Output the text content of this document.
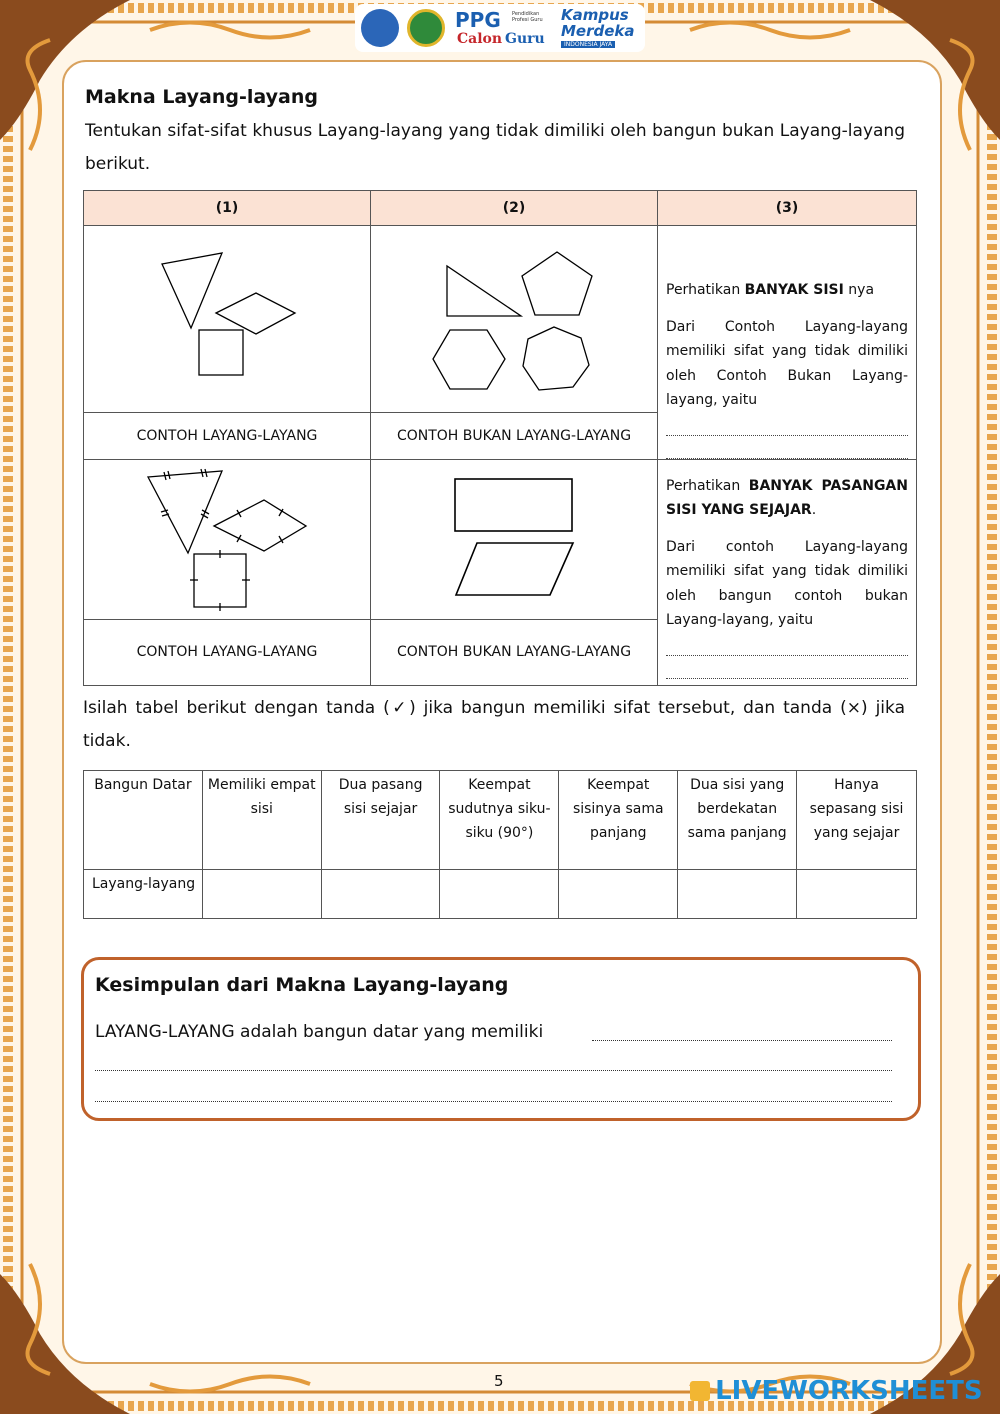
PPG Pendidikan Profesi Guru
Calon Guru
Kampus
Merdeka
INDONESIA JAYA
Makna Layang-layang
Tentukan sifat-sifat khusus Layang-layang yang tidak dimiliki oleh bangun bukan Layang-layang berikut.
(1)	(2)	(3)

Perhatikan BANYAK SISI nya
Dari Contoh Layang-layang memiliki sifat yang tidak dimiliki oleh Contoh Bukan Layang-layang, yaitu

CONTOH LAYANG-LAYANG	CONTOH BUKAN LAYANG-LAYANG	

Perhatikan BANYAK PASANGAN SISI YANG SEJAJAR.
Dari contoh Layang-layang memiliki sifat yang tidak dimiliki oleh bangun contoh bukan Layang-layang, yaitu

CONTOH LAYANG-LAYANG	CONTOH BUKAN LAYANG-LAYANG	
Isilah tabel berikut dengan tanda (✓) jika bangun memiliki sifat tersebut, dan tanda (×) jika tidak.
Bangun Datar	Memiliki empat sisi	Dua pasang sisi sejajar	Keempat sudutnya siku-siku (90°)	Keempat sisinya sama panjang	Dua sisi yang berdekatan sama panjang	Hanya sepasang sisi yang sejajar
Layang-layang						
Kesimpulan dari Makna Layang-layang
LAYANG-LAYANG adalah bangun datar yang memiliki
5	LIVEWORKSHEETS
